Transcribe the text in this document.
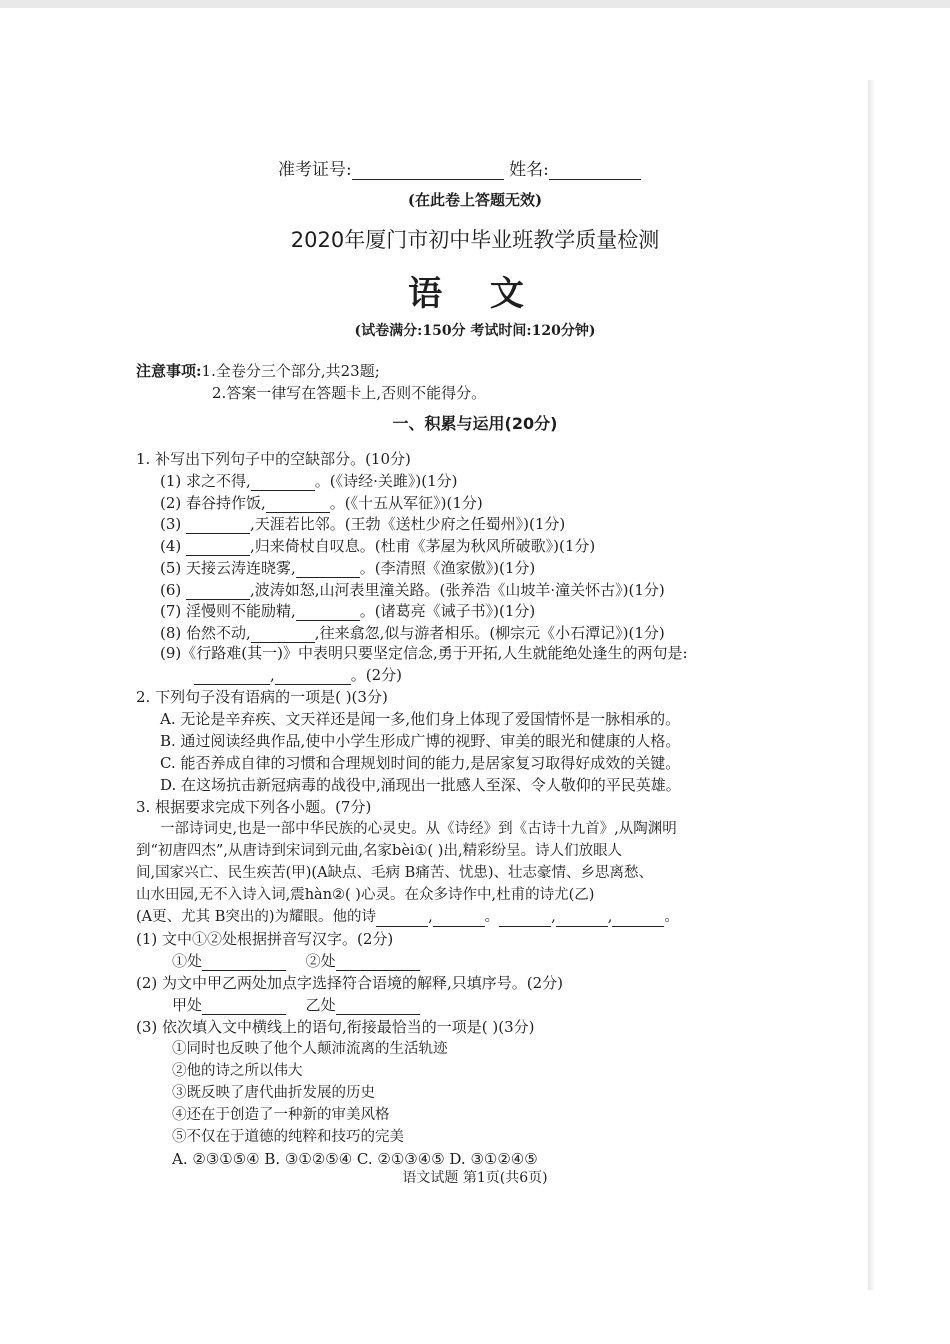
准考证号:	姓名:
(在此卷上答题无效)
2020年厦门市初中毕业班教学质量检测
语 文
(试卷满分:150分 考试时间:120分钟)
注意事项:1.全卷分三个部分,共23题;
2.答案一律写在答题卡上,否则不能得分。
一、积累与运用(20分)
1. 补写出下列句子中的空缺部分。(10分)
(1) 求之不得,	。(《诗经·关雎》)(1分)
(2) 春谷持作饭,	。(《十五从军征》)(1分)
(3)	,天涯若比邻。(王勃《送杜少府之任蜀州》)(1分)
(4)	,归来倚杖自叹息。(杜甫《茅屋为秋风所破歌》)(1分)
(5) 天接云涛连晓雾,	。(李清照《渔家傲》)(1分)
(6)	,波涛如怒,山河表里潼关路。(张养浩《山坡羊·潼关怀古》)(1分)
(7) 淫慢则不能励精,	。(诸葛亮《诫子书》)(1分)
(8) 佁然不动,	,往来翕忽,似与游者相乐。(柳宗元《小石潭记》)(1分)
(9)《行路难(其一)》中表明只要坚定信念,勇于开拓,人生就能绝处逢生的两句是:
,	。(2分)
2. 下列句子没有语病的一项是( )(3分)
A. 无论是辛弃疾、文天祥还是闻一多,他们身上体现了爱国情怀是一脉相承的。
B. 通过阅读经典作品,使中小学生形成广博的视野、审美的眼光和健康的人格。
C. 能否养成自律的习惯和合理规划时间的能力,是居家复习取得好成效的关键。
D. 在这场抗击新冠病毒的战役中,涌现出一批感人至深、令人敬仰的平民英雄。
3. 根据要求完成下列各小题。(7分)
一部诗词史,也是一部中华民族的心灵史。从《诗经》到《古诗十九首》,从陶渊明
到“初唐四杰”,从唐诗到宋词到元曲,名家bèi①( )出,精彩纷呈。诗人们放眼人
间,国家兴亡、民生疾苦(甲)(A缺点、毛病 B痛苦、忧患)、壮志豪情、乡思离愁、
山水田园,无不入诗入词,震hàn②( )心灵。在众多诗作中,杜甫的诗尤(乙)
(A更、尤其 B突出的)为耀眼。他的诗	,	。	,	,	。
(1) 文中①②处根据拼音写汉字。(2分)
①处	②处
(2) 为文中甲乙两处加点字选择符合语境的解释,只填序号。(2分)
甲处	乙处
(3) 依次填入文中横线上的语句,衔接最恰当的一项是( )(3分)
①同时也反映了他个人颠沛流离的生活轨迹
②他的诗之所以伟大
③既反映了唐代曲折发展的历史
④还在于创造了一种新的审美风格
⑤不仅在于道德的纯粹和技巧的完美
A. ②③①⑤④ B. ③①②⑤④ C. ②①③④⑤ D. ③①②④⑤
语文试题 第1页(共6页)
